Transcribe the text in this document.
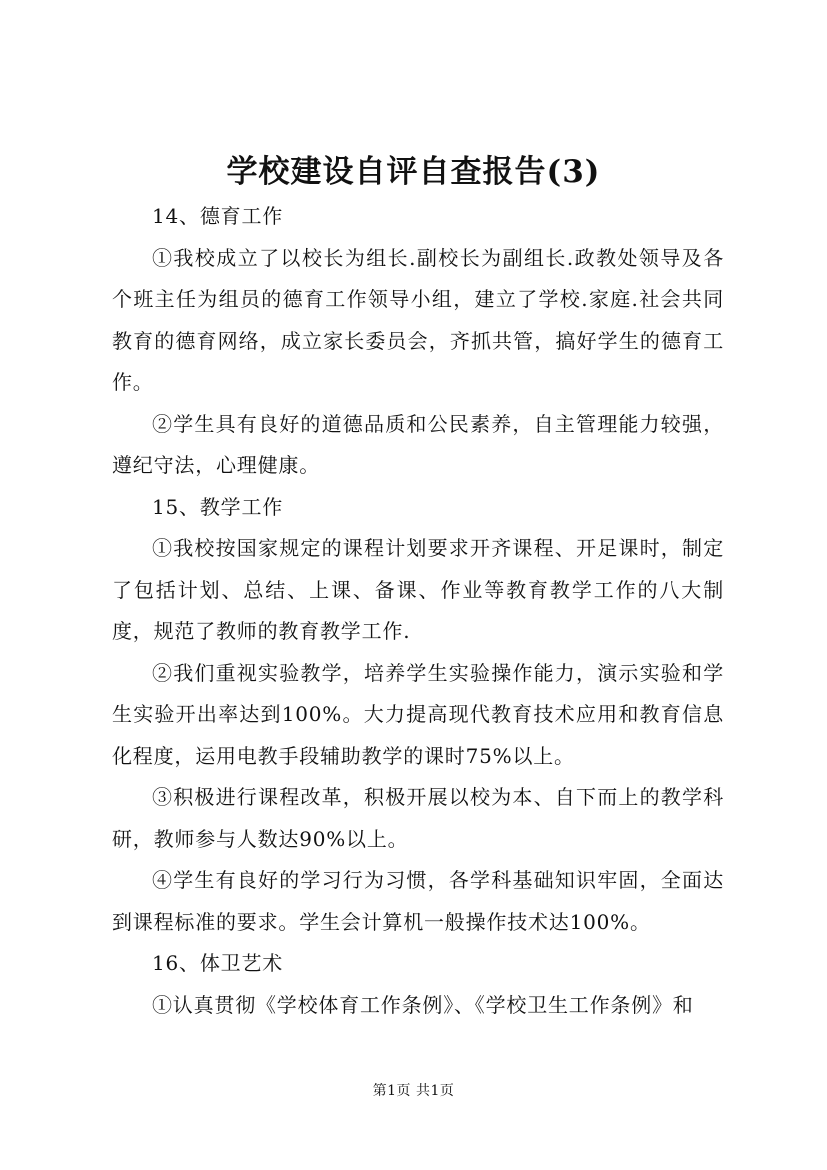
学校建设自评自查报告(3)

14、德育工作

①我校成立了以校长为组长.副校长为副组长.政教处领导及各个班主任为组员的德育工作领导小组，建立了学校.家庭.社会共同教育的德育网络，成立家长委员会，齐抓共管，搞好学生的德育工作。

②学生具有良好的道德品质和公民素养，自主管理能力较强，遵纪守法，心理健康。

15、教学工作

①我校按国家规定的课程计划要求开齐课程、开足课时，制定了包括计划、总结、上课、备课、作业等教育教学工作的八大制度，规范了教师的教育教学工作.

②我们重视实验教学，培养学生实验操作能力，演示实验和学生实验开出率达到100%。大力提高现代教育技术应用和教育信息化程度，运用电教手段辅助教学的课时75%以上。

③积极进行课程改革，积极开展以校为本、自下而上的教学科研，教师参与人数达90%以上。

④学生有良好的学习行为习惯，各学科基础知识牢固，全面达到课程标准的要求。学生会计算机一般操作技术达100%。

16、体卫艺术

①认真贯彻《学校体育工作条例》、《学校卫生工作条例》和

第1页 共1页
